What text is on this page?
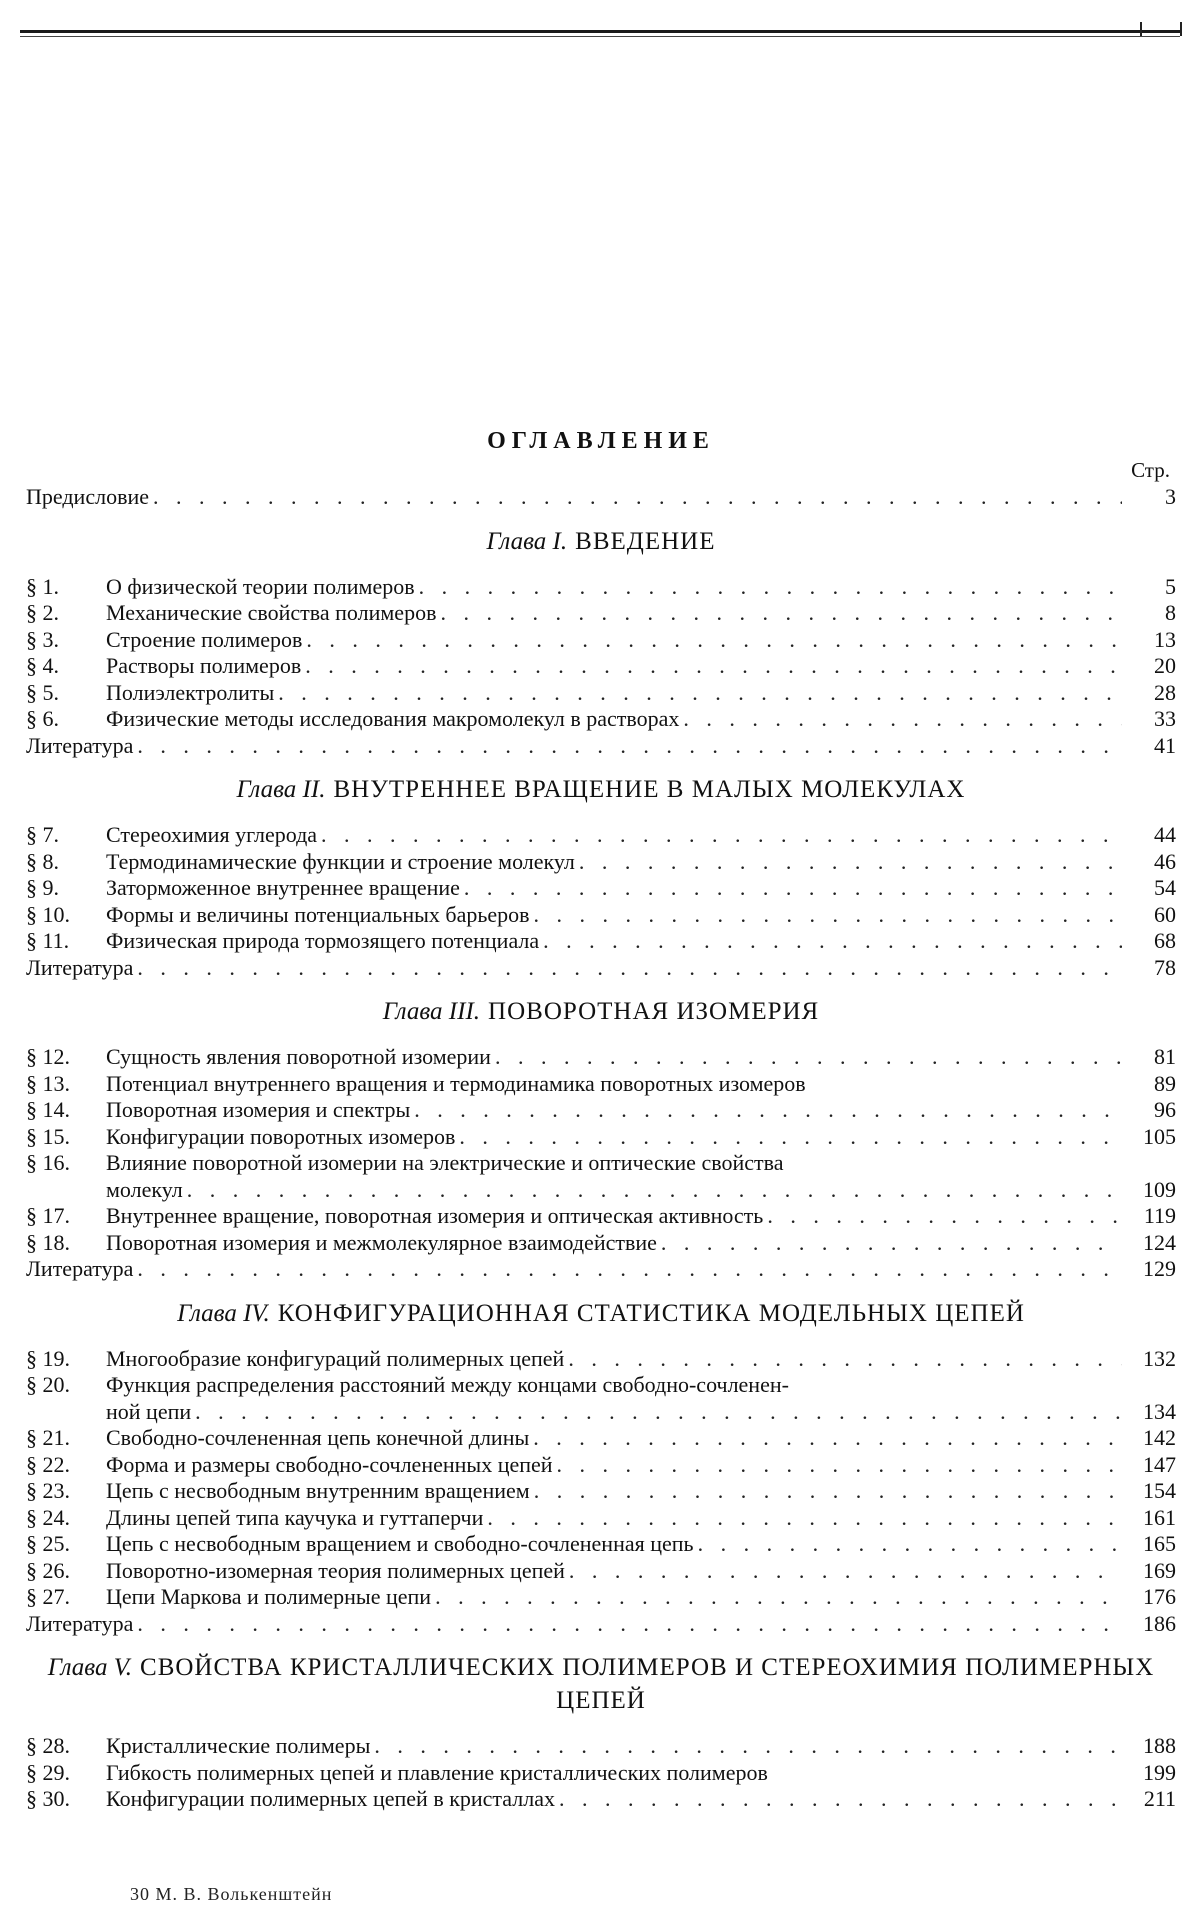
ОГЛАВЛЕНИЕ
Стр.
Предисловие . . .	3
Глава I. ВВЕДЕНИЕ
§ 1.	О физической теории полимеров . . .	5
§ 2.	Механические свойства полимеров . . .	8
§ 3.	Строение полимеров . . .	13
§ 4.	Растворы полимеров . . .	20
§ 5.	Полиэлектролиты . . .	28
§ 6.	Физические методы исследования макромолекул в растворах . . .	33
Литература . . .	41
Глава II. ВНУТРЕННЕЕ ВРАЩЕНИЕ В МАЛЫХ МОЛЕКУЛАХ
§ 7.	Стереохимия углерода . . .	44
§ 8.	Термодинамические функции и строение молекул . . .	46
§ 9.	Заторможенное внутреннее вращение . . .	54
§ 10.	Формы и величины потенциальных барьеров . . .	60
§ 11.	Физическая природа тормозящего потенциала . . .	68
Литература . . .	78
Глава III. ПОВОРОТНАЯ ИЗОМЕРИЯ
§ 12.	Сущность явления поворотной изомерии . . .	81
§ 13.	Потенциал внутреннего вращения и термодинамика поворотных изомеров	89
§ 14.	Поворотная изомерия и спектры . . .	96
§ 15.	Конфигурации поворотных изомеров . . .	105
§ 16.	Влияние поворотной изомерии на электрические и оптические свойства
молекул . . .	109
§ 17.	Внутреннее вращение, поворотная изомерия и оптическая активность . . .	119
§ 18.	Поворотная изомерия и межмолекулярное взаимодействие . . .	124
Литература . . .	129
Глава IV. КОНФИГУРАЦИОННАЯ СТАТИСТИКА МОДЕЛЬНЫХ ЦЕПЕЙ
§ 19.	Многообразие конфигураций полимерных цепей . . .	132
§ 20.	Функция распределения расстояний между концами свободно-сочленен-
ной цепи . . .	134
§ 21.	Свободно-сочлененная цепь конечной длины . . .	142
§ 22.	Форма и размеры свободно-сочлененных цепей . . .	147
§ 23.	Цепь с несвободным внутренним вращением . . .	154
§ 24.	Длины цепей типа каучука и гуттаперчи . . .	161
§ 25.	Цепь с несвободным вращением и свободно-сочлененная цепь . . .	165
§ 26.	Поворотно-изомерная теория полимерных цепей . . .	169
§ 27.	Цепи Маркова и полимерные цепи . . .	176
Литература . . .	186
Глава V. СВОЙСТВА КРИСТАЛЛИЧЕСКИХ ПОЛИМЕРОВ И СТЕРЕОХИМИЯ ПОЛИМЕРНЫХ ЦЕПЕЙ
§ 28.	Кристаллические полимеры . . .	188
§ 29.	Гибкость полимерных цепей и плавление кристаллических полимеров	199
§ 30.	Конфигурации полимерных цепей в кристаллах . . .	211
30 М. В. Волькенштейн
